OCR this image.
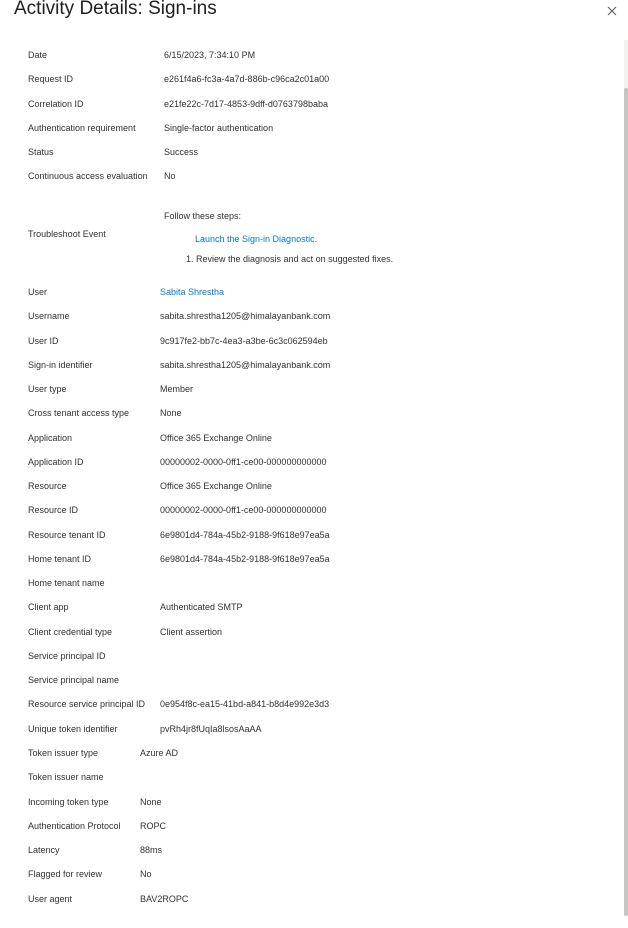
Activity Details: Sign-ins
Date	6/15/2023, 7:34:10 PM
Request ID	e261f4a6-fc3a-4a7d-886b-c96ca2c01a00
Correlation ID	e21fe22c-7d17-4853-9dff-d0763798baba
Authentication requirement	Single-factor authentication
Status	Success
Continuous access evaluation No
Troubleshoot Event
Follow these steps:
Launch the Sign-in Diagnostic.
1. Review the diagnosis and act on suggested fixes.
User	Sabita Shrestha
Username	sabita.shrestha1205@himalayanbank.com
User ID	9c917fe2-bb7c-4ea3-a3be-6c3c062594eb
Sign-in identifier	sabita.shrestha1205@himalayanbank.com
User type	Member
Cross tenant access type	None
Application	Office 365 Exchange Online
Application ID	00000002-0000-0ff1-ce00-000000000000
Resource	Office 365 Exchange Online
Resource ID	00000002-0000-0ff1-ce00-000000000000
Resource tenant ID	6e9801d4-784a-45b2-9188-9f618e97ea5a
Home tenant ID	6e9801d4-784a-45b2-9188-9f618e97ea5a
Home tenant name
Client app	Authenticated SMTP
Client credential type	Client assertion
Service principal ID
Service principal name
Resource service principal ID 0e954f8c-ea15-41bd-a841-b8d4e992e3d3
Unique token identifier	pvRh4jr8fUqIa8lsosAaAA
Token issuer type	Azure AD
Token issuer name
Incoming token type	None
Authentication Protocol ROPC
Latency	88ms
Flagged for review	No
User agent	BAV2ROPC
